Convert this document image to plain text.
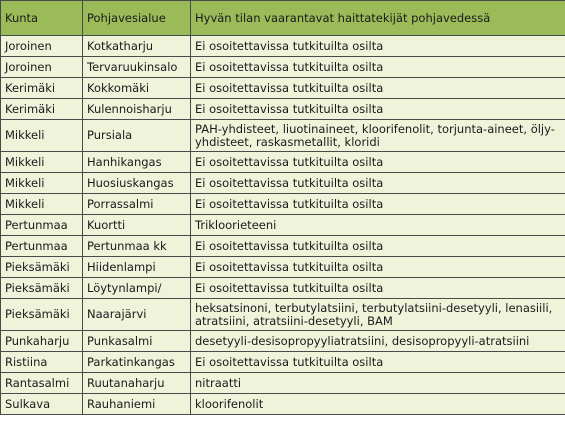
Kunta	Pohjavesialue	Hyvän tilan vaarantavat haittatekijät pohjavedessä
Joroinen	Kotkatharju	Ei osoitettavissa tutkituilta osilta
Joroinen	Tervaruukinsalo	Ei osoitettavissa tutkituilta osilta
Kerimäki	Kokkomäki	Ei osoitettavissa tutkituilta osilta
Kerimäki	Kulennoisharju	Ei osoitettavissa tutkituilta osilta
Mikkeli	Pursiala	PAH-yhdisteet, liuotinaineet, kloorifenolit, torjunta-aineet, öljy-yhdisteet, raskasmetallit, kloridi
Mikkeli	Hanhikangas	Ei osoitettavissa tutkituilta osilta
Mikkeli	Huosiuskangas	Ei osoitettavissa tutkituilta osilta
Mikkeli	Porrassalmi	Ei osoitettavissa tutkituilta osilta
Pertunmaa	Kuortti	Trikloorieteeni
Pertunmaa	Pertunmaa kk	Ei osoitettavissa tutkituilta osilta
Pieksämäki	Hiidenlampi	Ei osoitettavissa tutkituilta osilta
Pieksämäki	Löytynlampi/	Ei osoitettavissa tutkituilta osilta
Pieksämäki	Naarajärvi	heksatsinoni, terbutylatsiini, terbutylatsiini-desetyyli, lenasiili, atratsiini, atratsiini-desetyyli, BAM
Punkaharju	Punkasalmi	desetyyli-desisopropyyliatratsiini, desisopropyyli-atratsiini
Ristiina	Parkatinkangas	Ei osoitettavissa tutkituilta osilta
Rantasalmi	Ruutanaharju	nitraatti
Sulkava	Rauhaniemi	kloorifenolit
